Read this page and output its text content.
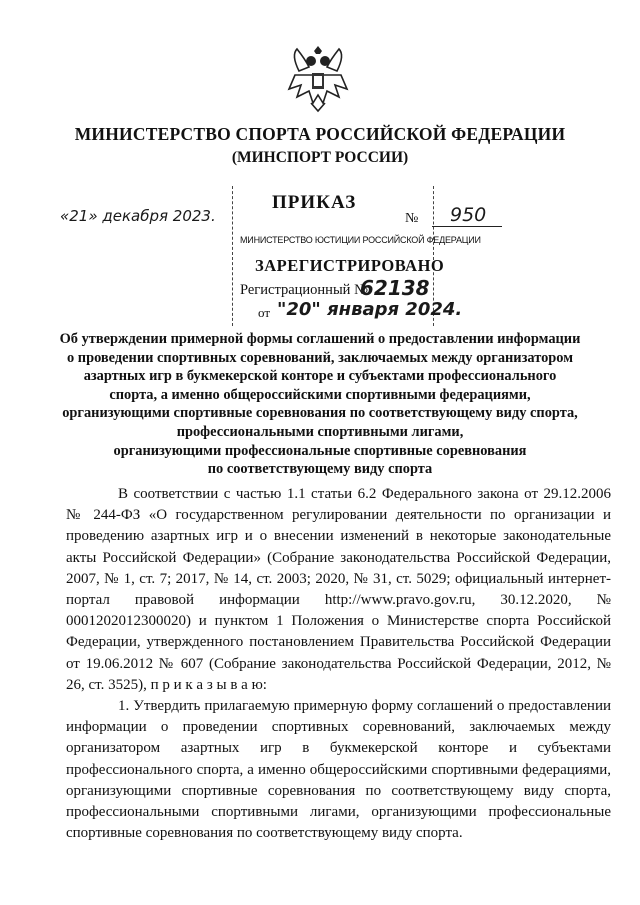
МИНИСТЕРСТВО СПОРТА РОССИЙСКОЙ ФЕДЕРАЦИИ
(МИНСПОРТ РОССИИ)
«21» декабря 2023.
ПРИКАЗ
№ 950
МИНИСТЕРСТВО ЮСТИЦИИ РОССИЙСКОЙ ФЕДЕРАЦИИ
ЗАРЕГИСТРИРОВАНО
Регистрационный №
62138
от "20" января 2024.
Об утверждении примерной формы соглашений о предоставлении информации
о проведении спортивных соревнований, заключаемых между организатором
азартных игр в букмекерской конторе и субъектами профессионального
спорта, а именно общероссийскими спортивными федерациями,
организующими спортивные соревнования по соответствующему виду спорта,
профессиональными спортивными лигами,
организующими профессиональные спортивные соревнования
по соответствующему виду спорта

В соответствии с частью 1.1 статьи 6.2 Федерального закона от 29.12.2006 № 244-ФЗ «О государственном регулировании деятельности по организации и проведению азартных игр и о внесении изменений в некоторые законодательные акты Российской Федерации» (Собрание законодательства Российской Федерации, 2007, № 1, ст. 7; 2017, № 14, ст. 2003; 2020, № 31, ст. 5029; официальный интернет-портал правовой информации http://www.pravo.gov.ru, 30.12.2020, № 0001202012300020) и пунктом 1 Положения о Министерстве спорта Российской Федерации, утвержденного постановлением Правительства Российской Федерации от 19.06.2012 № 607 (Собрание законодательства Российской Федерации, 2012, № 26, ст. 3525), п р и к а з ы в а ю:

1. Утвердить прилагаемую примерную форму соглашений о предоставлении информации о проведении спортивных соревнований, заключаемых между организатором азартных игр в букмекерской конторе и субъектами профессионального спорта, а именно общероссийскими спортивными федерациями, организующими спортивные соревнования по соответствующему виду спорта, профессиональными спортивными лигами, организующими профессиональные спортивные соревнования по соответствующему виду спорта.
